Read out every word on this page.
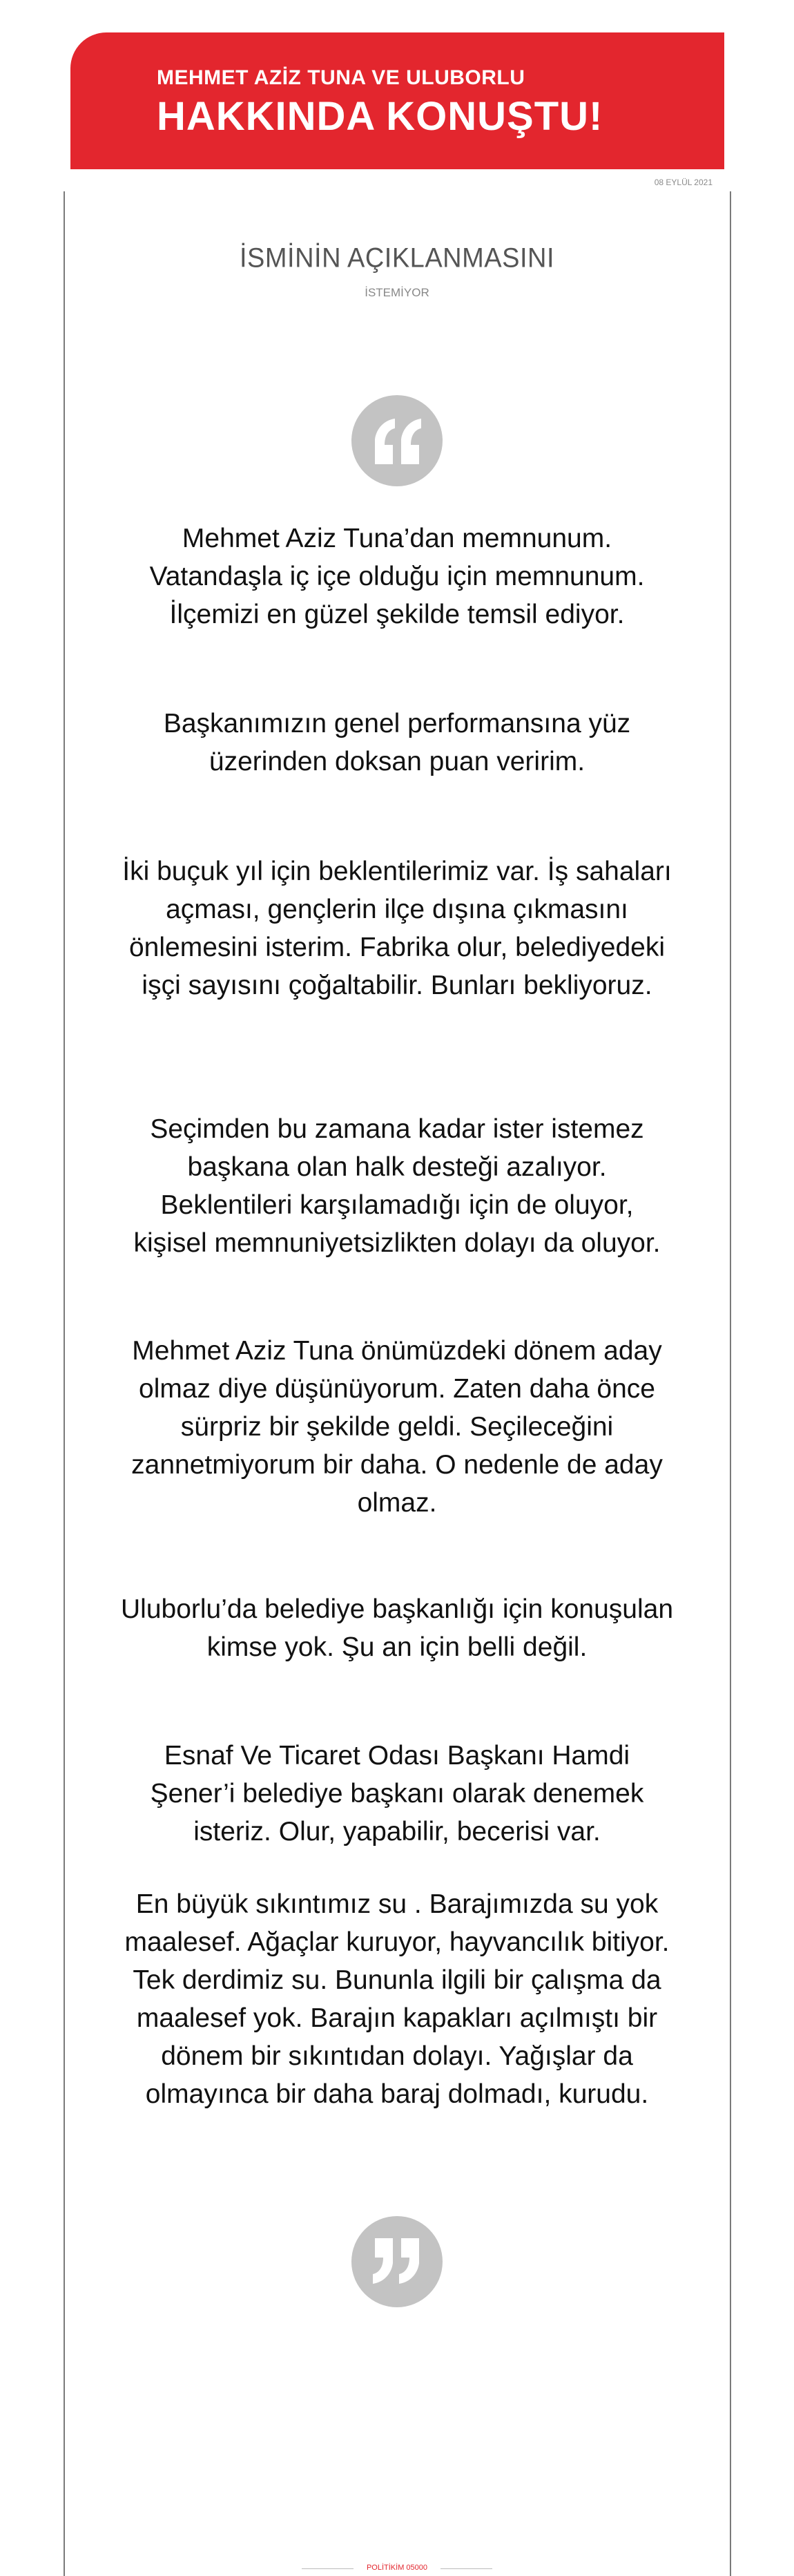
MEHMET AZİZ TUNA VE ULUBORLU
HAKKINDA KONUŞTU!
08 EYLÜL 2021
İSMİNİN AÇIKLANMASINI
İSTEMİYOR
Mehmet Aziz Tuna’dan memnunum. Vatandaşla iç içe olduğu için memnunum. İlçemizi en güzel şekilde temsil ediyor.
Başkanımızın genel performansına yüz üzerinden doksan puan veririm.
İki buçuk yıl için beklentilerimiz var. İş sahaları açması, gençlerin ilçe dışına çıkmasını önlemesini isterim. Fabrika olur, belediyedeki işçi sayısını çoğaltabilir. Bunları bekliyoruz.
Seçimden bu zamana kadar ister istemez başkana olan halk desteği azalıyor. Beklentileri karşılamadığı için de oluyor, kişisel memnuniyetsizlikten dolayı da oluyor.
Mehmet Aziz Tuna önümüzdeki dönem aday olmaz diye düşünüyorum. Zaten daha önce sürpriz bir şekilde geldi. Seçileceğini zannetmiyorum bir daha. O nedenle de aday olmaz.
Uluborlu’da belediye başkanlığı için konuşulan kimse yok. Şu an için belli değil.
Esnaf Ve Ticaret Odası Başkanı Hamdi Şener’i belediye başkanı olarak denemek isteriz. Olur, yapabilir, becerisi var.
En büyük sıkıntımız su . Barajımızda su yok maalesef. Ağaçlar kuruyor, hayvancılık bitiyor. Tek derdimiz su. Bununla ilgili bir çalışma da maalesef yok. Barajın kapakları açılmıştı bir dönem bir sıkıntıdan dolayı. Yağışlar da olmayınca bir daha baraj dolmadı, kurudu.
POLİTİKİM 05000
